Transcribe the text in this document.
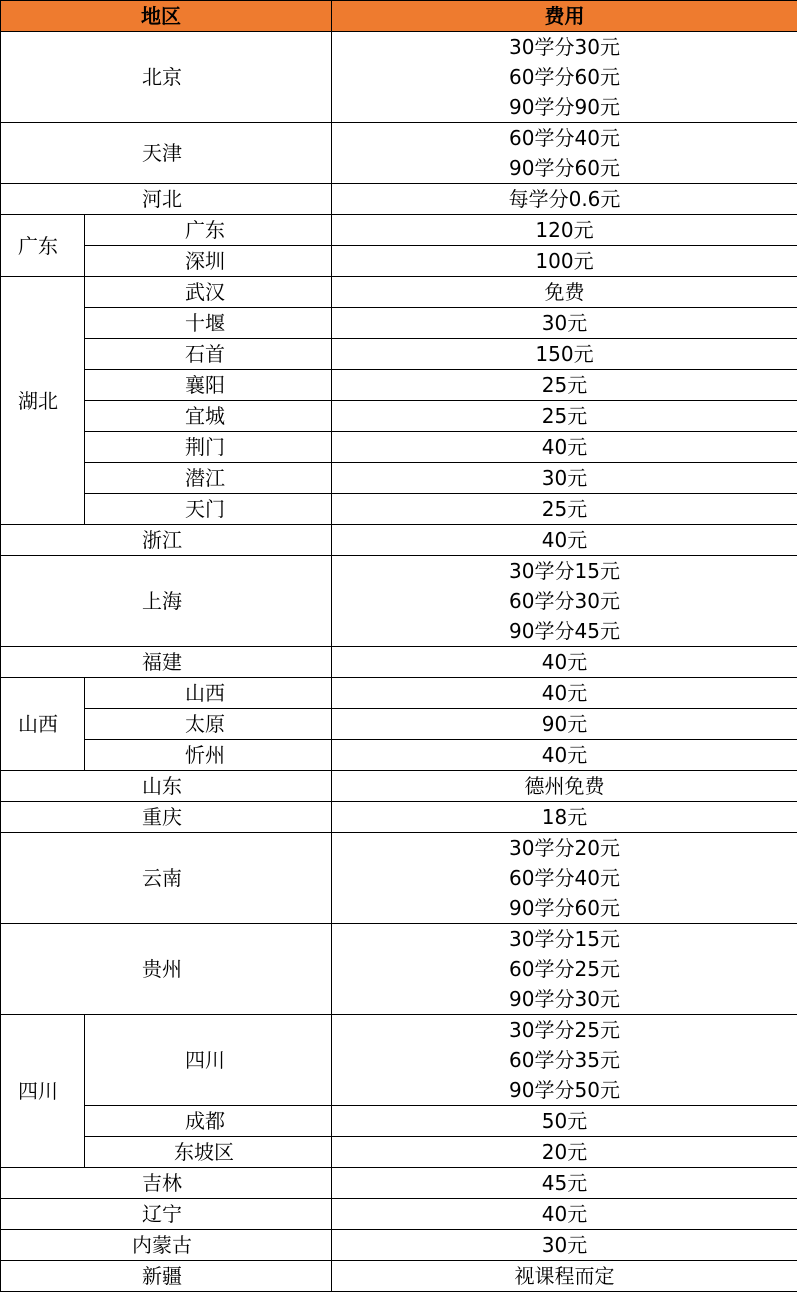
地区		费用
北京		30学分30元
60学分60元
90学分90元

天津		60学分40元
90学分60元

河北		每学分0.6元
广东	广东	120元
	深圳	100元
湖北	武汉	免费
	十堰	30元
	石首	150元
	襄阳	25元
	宜城	25元
	荆门	40元
	潜江	30元
	天门	25元
浙江		40元
上海		30学分15元
60学分30元
90学分45元

福建		40元
山西	山西	40元
	太原	90元
	忻州	40元
山东		德州免费
重庆		18元
云南		30学分20元
60学分40元
90学分60元

贵州		30学分15元
60学分25元
90学分30元

四川	四川	30学分25元
60学分35元
90学分50元

	成都	50元
	东坡区	20元
吉林		45元
辽宁		40元
内蒙古		30元
新疆		视课程而定
